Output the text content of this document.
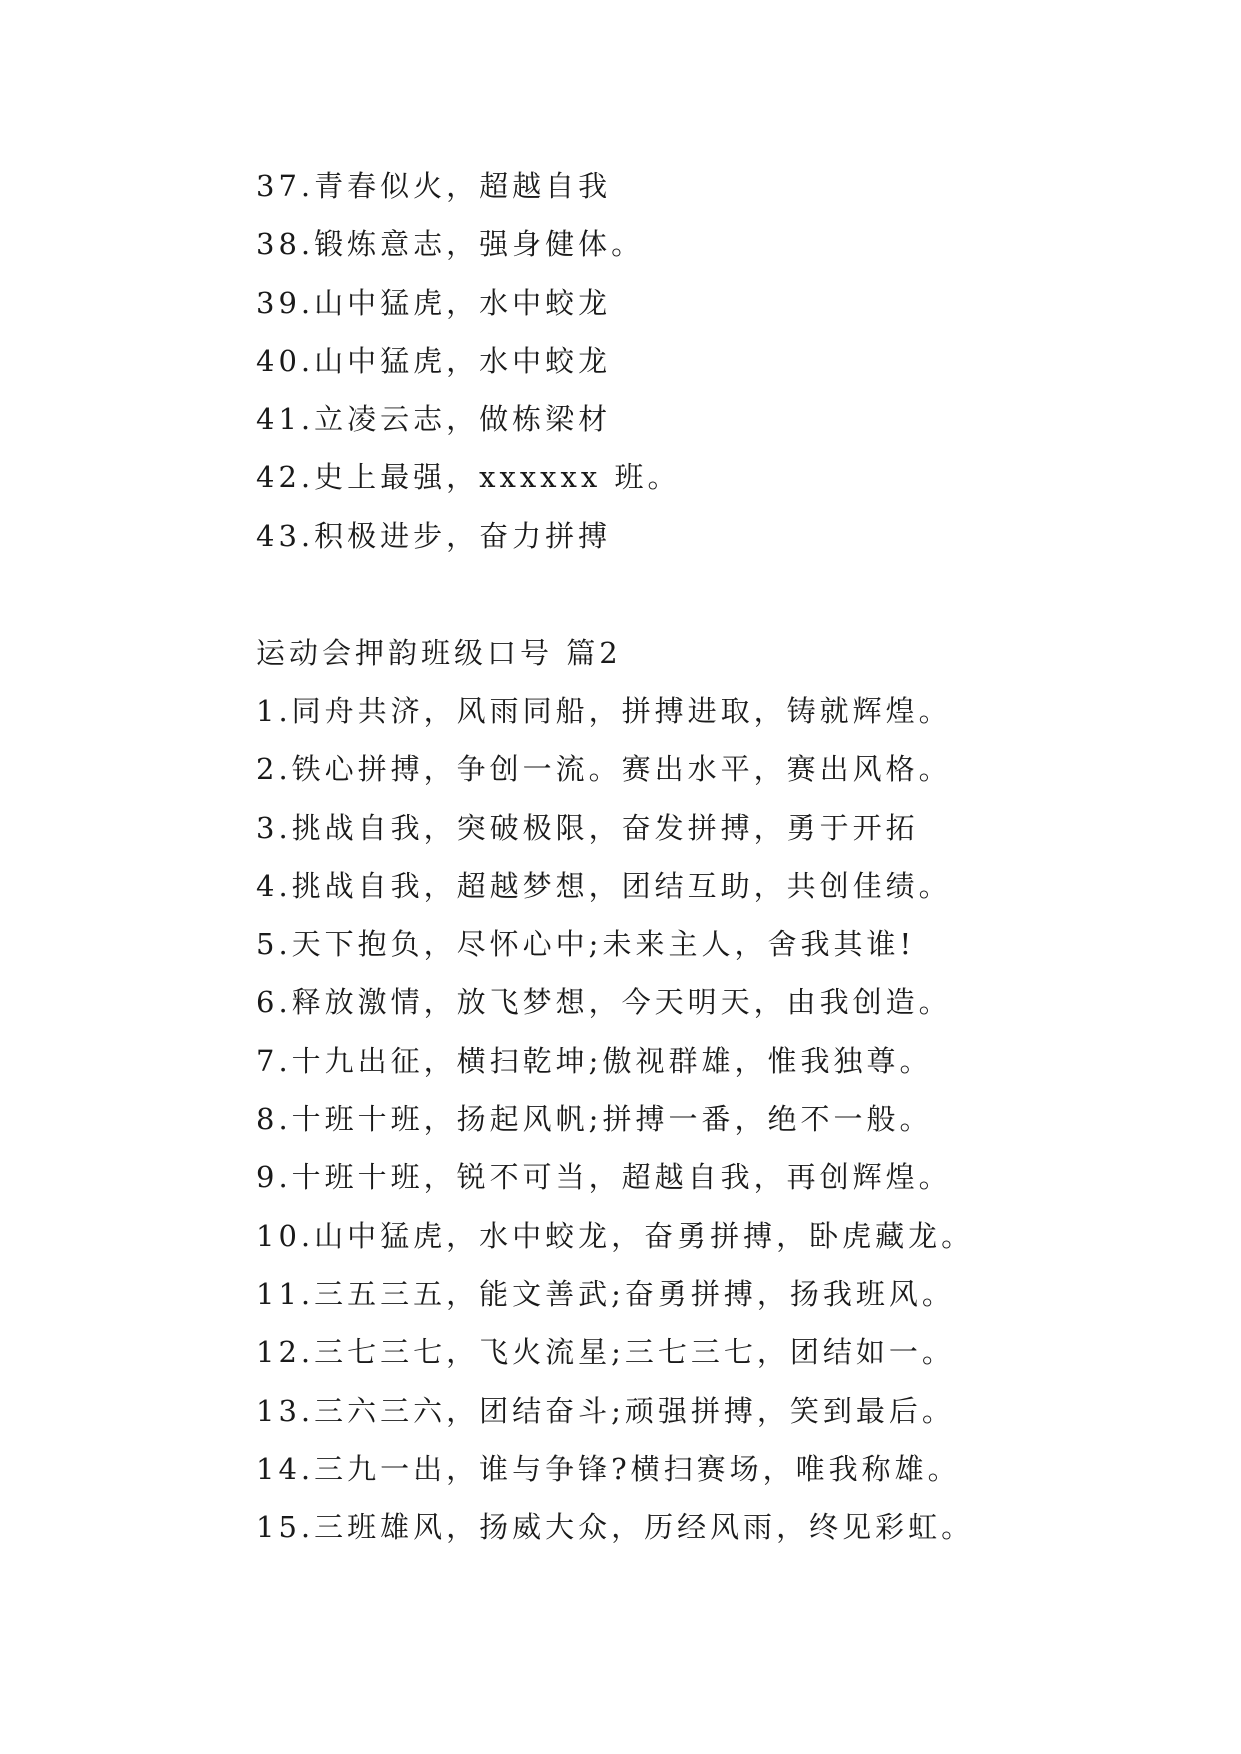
37.青春似火，超越自我
38.锻炼意志，强身健体。
39.山中猛虎，水中蛟龙
40.山中猛虎，水中蛟龙
41.立凌云志，做栋梁材
42.史上最强，xxxxxx 班。
43.积极进步，奋力拼搏
运动会押韵班级口号 篇2
1.同舟共济，风雨同船，拼搏进取，铸就辉煌。
2.铁心拼搏，争创一流。赛出水平，赛出风格。
3.挑战自我，突破极限，奋发拼搏，勇于开拓
4.挑战自我，超越梦想，团结互助，共创佳绩。
5.天下抱负，尽怀心中;未来主人，舍我其谁!
6.释放激情，放飞梦想，今天明天，由我创造。
7.十九出征，横扫乾坤;傲视群雄，惟我独尊。
8.十班十班，扬起风帆;拼搏一番，绝不一般。
9.十班十班，锐不可当，超越自我，再创辉煌。
10.山中猛虎，水中蛟龙，奋勇拼搏，卧虎藏龙。
11.三五三五，能文善武;奋勇拼搏，扬我班风。
12.三七三七，飞火流星;三七三七，团结如一。
13.三六三六，团结奋斗;顽强拼搏，笑到最后。
14.三九一出，谁与争锋?横扫赛场，唯我称雄。
15.三班雄风，扬威大众，历经风雨，终见彩虹。
